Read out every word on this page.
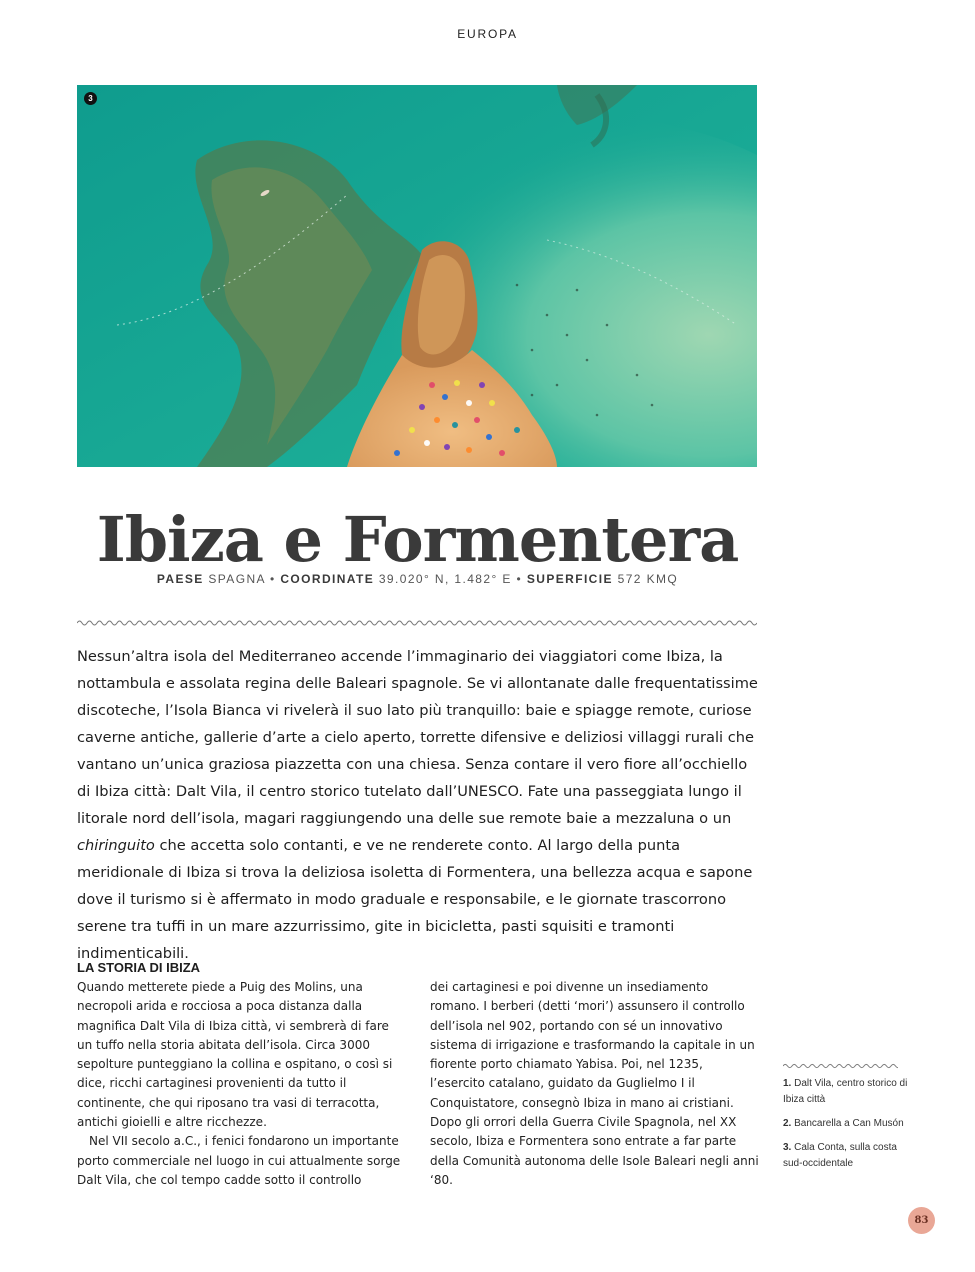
EUROPA
3
Ibiza e Formentera
PAESE SPAGNA • COORDINATE 39.020° N, 1.482° E • SUPERFICIE 572 KMQ

Nessun’altra isola del Mediterraneo accende l’immaginario dei viaggiatori come Ibiza, la nottambula e assolata regina delle Baleari spagnole. Se vi allontanate dalle frequentatissime discoteche, l’Isola Bianca vi rivelerà il suo lato più tranquillo: baie e spiagge remote, curiose caverne antiche, gallerie d’arte a cielo aperto, torrette difensive e deliziosi villaggi rurali che vantano un’unica graziosa piazzetta con una chiesa. Senza contare il vero fiore all’occhiello di Ibiza città: Dalt Vila, il centro storico tutelato dall’UNESCO. Fate una passeggiata lungo il litorale nord dell’isola, magari raggiungendo una delle sue remote baie a mezzaluna o un chiringuito che accetta solo contanti, e ve ne renderete conto. Al largo della punta meridionale di Ibiza si trova la deliziosa isoletta di Formentera, una bellezza acqua e sapone dove il turismo si è affermato in modo graduale e responsabile, e le giornate trascorrono serene tra tuffi in un mare azzurrissimo, gite in bicicletta, pasti squisiti e tramonti indimenticabili.

LA STORIA DI IBIZA

Quando metterete piede a Puig des Molins, una necropoli arida e rocciosa a poca distanza dalla magnifica Dalt Vila di Ibiza città, vi sembrerà di fare un tuffo nella storia abitata dell’isola. Circa 3000 sepolture punteggiano la collina e ospitano, o così si dice, ricchi cartaginesi provenienti da tutto il continente, che qui riposano tra vasi di terracotta, antichi gioielli e altre ricchezze.

Nel VII secolo a.C., i fenici fondarono un importante porto commerciale nel luogo in cui attualmente sorge Dalt Vila, che col tempo cadde sotto il controllo

dei cartaginesi e poi divenne un insediamento romano. I berberi (detti ‘mori’) assunsero il controllo dell’isola nel 902, portando con sé un innovativo sistema di irrigazione e trasformando la capitale in un fiorente porto chiamato Yabisa. Poi, nel 1235, l’esercito catalano, guidato da Guglielmo I il Conquistatore, consegnò Ibiza in mano ai cristiani. Dopo gli orrori della Guerra Civile Spagnola, nel XX secolo, Ibiza e Formentera sono entrate a far parte della Comunità autonoma delle Isole Baleari negli anni ‘80.

1. Dalt Vila, centro storico di Ibiza città
2. Bancarella a Can Musón
3. Cala Conta, sulla costa sud-occidentale
83
